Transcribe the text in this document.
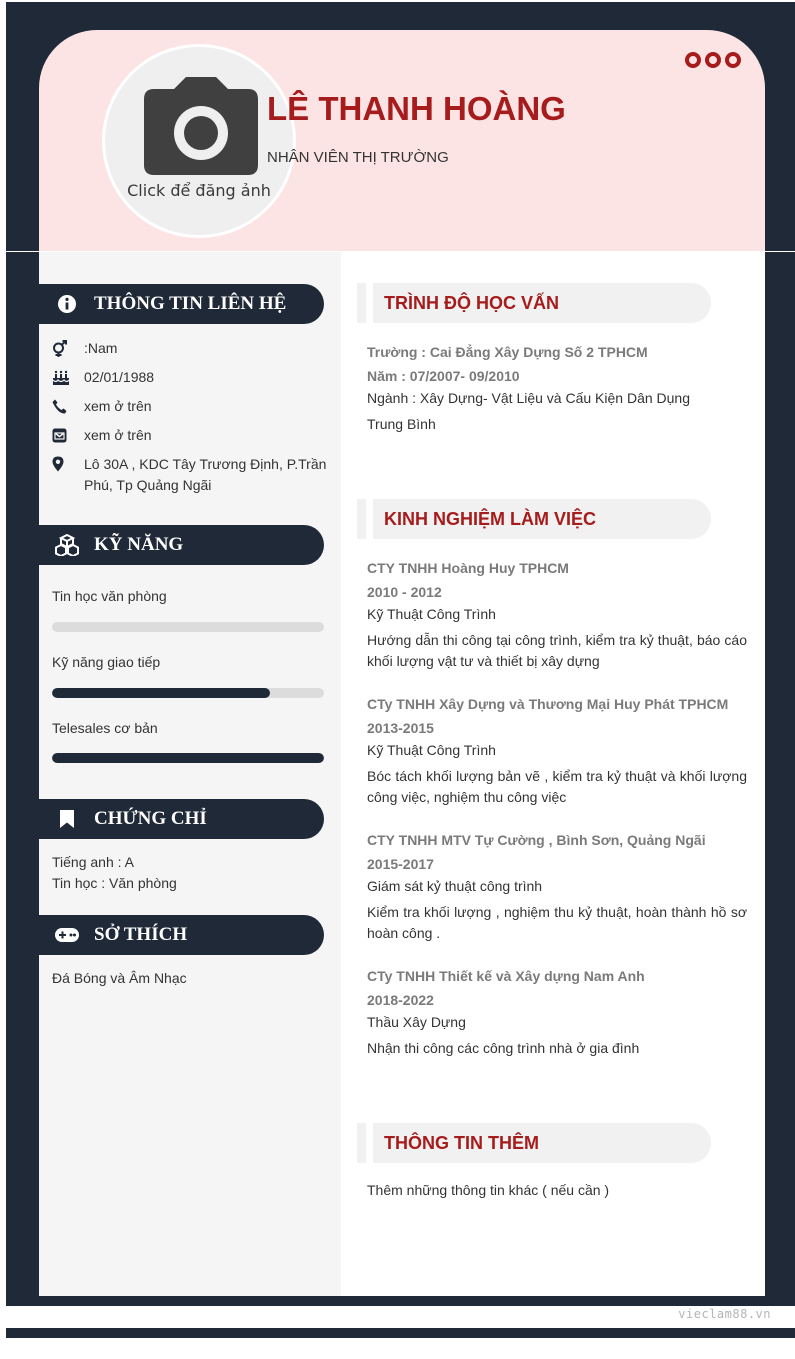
Click để đăng ảnh
LÊ THANH HOÀNG
NHÂN VIÊN THỊ TRƯỜNG
THÔNG TIN LIÊN HỆ
:Nam
02/01/1988
xem ở trên
xem ở trên
Lô 30A , KDC Tây Trương Định, P.Trần Phú, Tp Quảng Ngãi
KỸ NĂNG
Tin học văn phòng
Kỹ năng giao tiếp
Telesales cơ bản
CHỨNG CHỈ
Tiếng anh : A
Tin học : Văn phòng
SỞ THÍCH
Đá Bóng và Âm Nhạc
TRÌNH ĐỘ HỌC VẤN
Trường : Cai Đẳng Xây Dựng Số 2 TPHCM
Năm : 07/2007- 09/2010
Ngành : Xây Dựng- Vật Liệu và Cấu Kiện Dân Dụng
Trung Bình
KINH NGHIỆM LÀM VIỆC
CTY TNHH Hoàng Huy TPHCM
2010 - 2012
Kỹ Thuật Công Trình
Hướng dẫn thi công tại công trình, kiểm tra kỷ thuật, báo cáo khối lượng vật tư và thiết bị xây dựng
CTy TNHH Xây Dựng và Thương Mại Huy Phát TPHCM
2013-2015
Kỹ Thuật Công Trình
Bóc tách khối lượng bản vẽ , kiểm tra kỷ thuật và khối lượng công việc, nghiệm thu công việc
CTY TNHH MTV Tự Cường , Bình Sơn, Quảng Ngãi
2015-2017
Giám sát kỷ thuật công trình
Kiểm tra khối lượng , nghiệm thu kỷ thuật, hoàn thành hồ sơ hoàn công .
CTy TNHH Thiết kế và Xây dựng Nam Anh
2018-2022
Thầu Xây Dựng
Nhận thi công các công trình nhà ở gia đình
THÔNG TIN THÊM
Thêm những thông tin khác ( nếu cần )
vieclam88.vn
